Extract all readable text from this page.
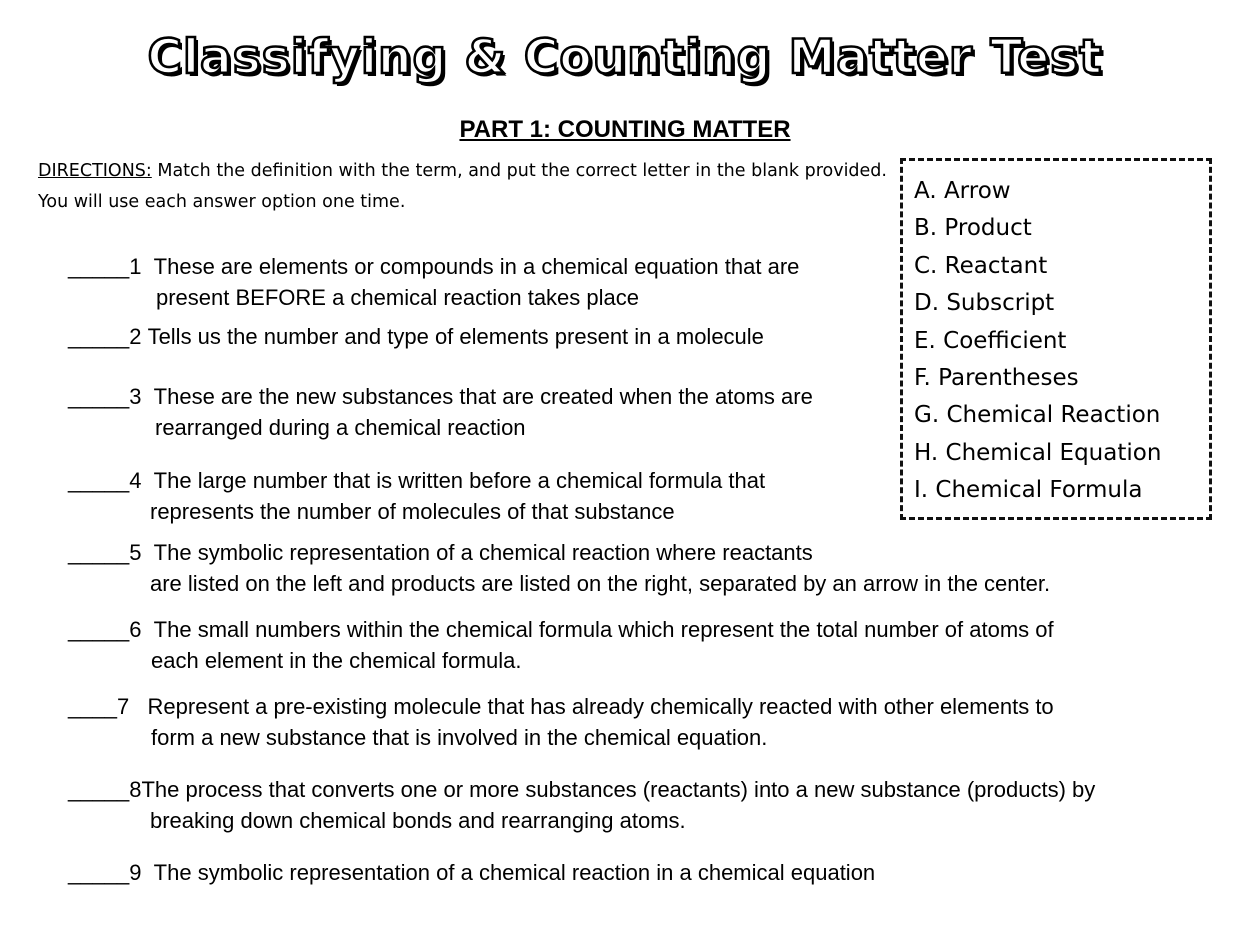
Classifying & Counting Matter Test
PART 1: COUNTING MATTER
DIRECTIONS: Match the definition with the term, and put the correct letter in the blank provided. You will use each answer option one time.	A. Arrow
B. Product
C. Reactant
D. Subscript
E. Coefficient
F. Parentheses
G. Chemical Reaction
H. Chemical Equation
I. Chemical Formula
_____1 These are elements or compounds in a chemical equation that are
present BEFORE a chemical reaction takes place
_____2 Tells us the number and type of elements present in a molecule
_____3 These are the new substances that are created when the atoms are
rearranged during a chemical reaction
_____4 The large number that is written before a chemical formula that
represents the number of molecules of that substance
_____5 The symbolic representation of a chemical reaction where reactants
are listed on the left and products are listed on the right, separated by an arrow in the center.
_____6 The small numbers within the chemical formula which represent the total number of atoms of
each element in the chemical formula.
____7 Represent a pre-existing molecule that has already chemically reacted with other elements to
form a new substance that is involved in the chemical equation.
_____8The process that converts one or more substances (reactants) into a new substance (products) by
breaking down chemical bonds and rearranging atoms.
_____9 The symbolic representation of a chemical reaction in a chemical equation
